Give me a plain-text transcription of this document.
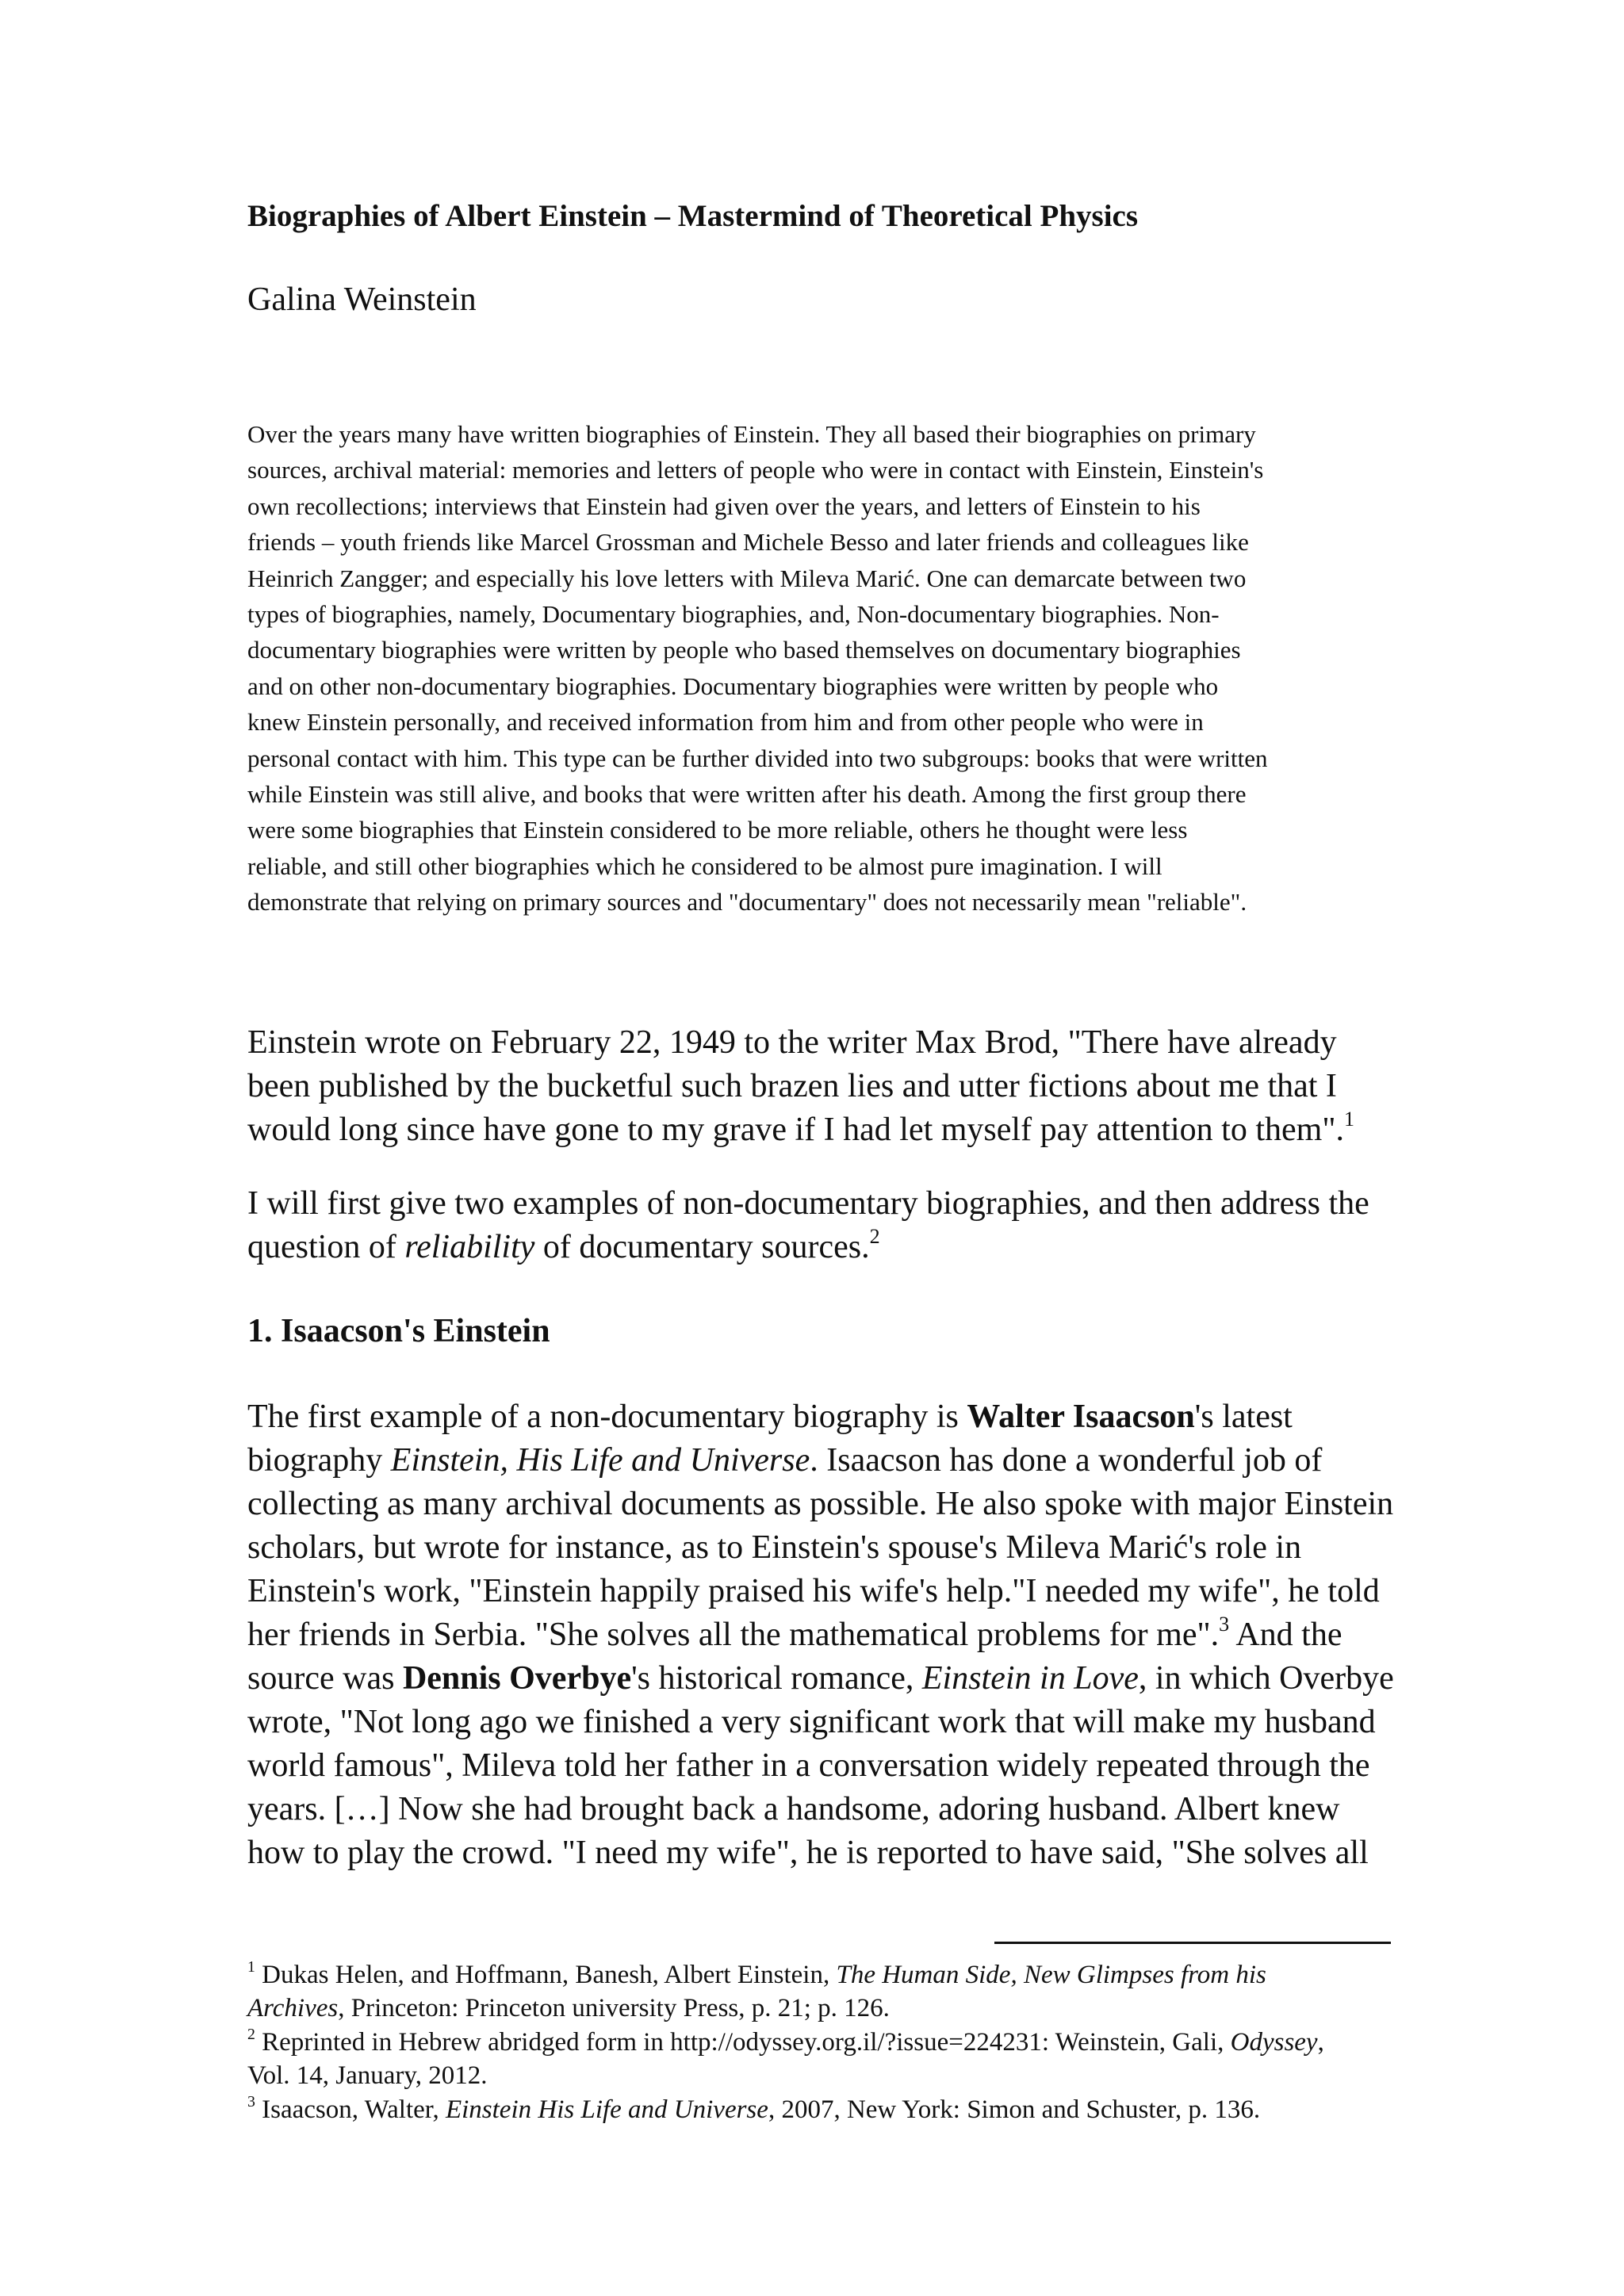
Biographies of Albert Einstein – Mastermind of Theoretical Physics
Galina Weinstein
Over the years many have written biographies of Einstein. They all based their biographies on primary
sources, archival material: memories and letters of people who were in contact with Einstein, Einstein's
own recollections; interviews that Einstein had given over the years, and letters of Einstein to his
friends – youth friends like Marcel Grossman and Michele Besso and later friends and colleagues like
Heinrich Zangger; and especially his love letters with Mileva Marić. One can demarcate between two
types of biographies, namely, Documentary biographies, and, Non-documentary biographies. Non-
documentary biographies were written by people who based themselves on documentary biographies
and on other non-documentary biographies. Documentary biographies were written by people who
knew Einstein personally, and received information from him and from other people who were in
personal contact with him. This type can be further divided into two subgroups: books that were written
while Einstein was still alive, and books that were written after his death. Among the first group there
were some biographies that Einstein considered to be more reliable, others he thought were less
reliable, and still other biographies which he considered to be almost pure imagination. I will
demonstrate that relying on primary sources and "documentary" does not necessarily mean "reliable".
Einstein wrote on February 22, 1949 to the writer Max Brod, "There have already
been published by the bucketful such brazen lies and utter fictions about me that I
would long since have gone to my grave if I had let myself pay attention to them".$^1$
I will first give two examples of non-documentary biographies, and then address the
question of reliability of documentary sources.$^2$
1. Isaacson's Einstein
The first example of a non-documentary biography is Walter Isaacson's latest
biography Einstein, His Life and Universe. Isaacson has done a wonderful job of
collecting as many archival documents as possible. He also spoke with major Einstein
scholars, but wrote for instance, as to Einstein's spouse's Mileva Marić's role in
Einstein's work, "Einstein happily praised his wife's help."I needed my wife", he told
her friends in Serbia. "She solves all the mathematical problems for me".$^3$ And the
source was Dennis Overbye's historical romance, Einstein in Love, in which Overbye
wrote, "Not long ago we finished a very significant work that will make my husband
world famous", Mileva told her father in a conversation widely repeated through the
years. […] Now she had brought back a handsome, adoring husband. Albert knew
how to play the crowd. "I need my wife", he is reported to have said, "She solves all
$^1$ Dukas Helen, and Hoffmann, Banesh, Albert Einstein, The Human Side, New Glimpses from his
Archives, Princeton: Princeton university Press, p. 21; p. 126.
$^2$ Reprinted in Hebrew abridged form in http://odyssey.org.il/?issue=224231: Weinstein, Gali, Odyssey,
Vol. 14, January, 2012.
$^3$ Isaacson, Walter, Einstein His Life and Universe, 2007, New York: Simon and Schuster, p. 136.
